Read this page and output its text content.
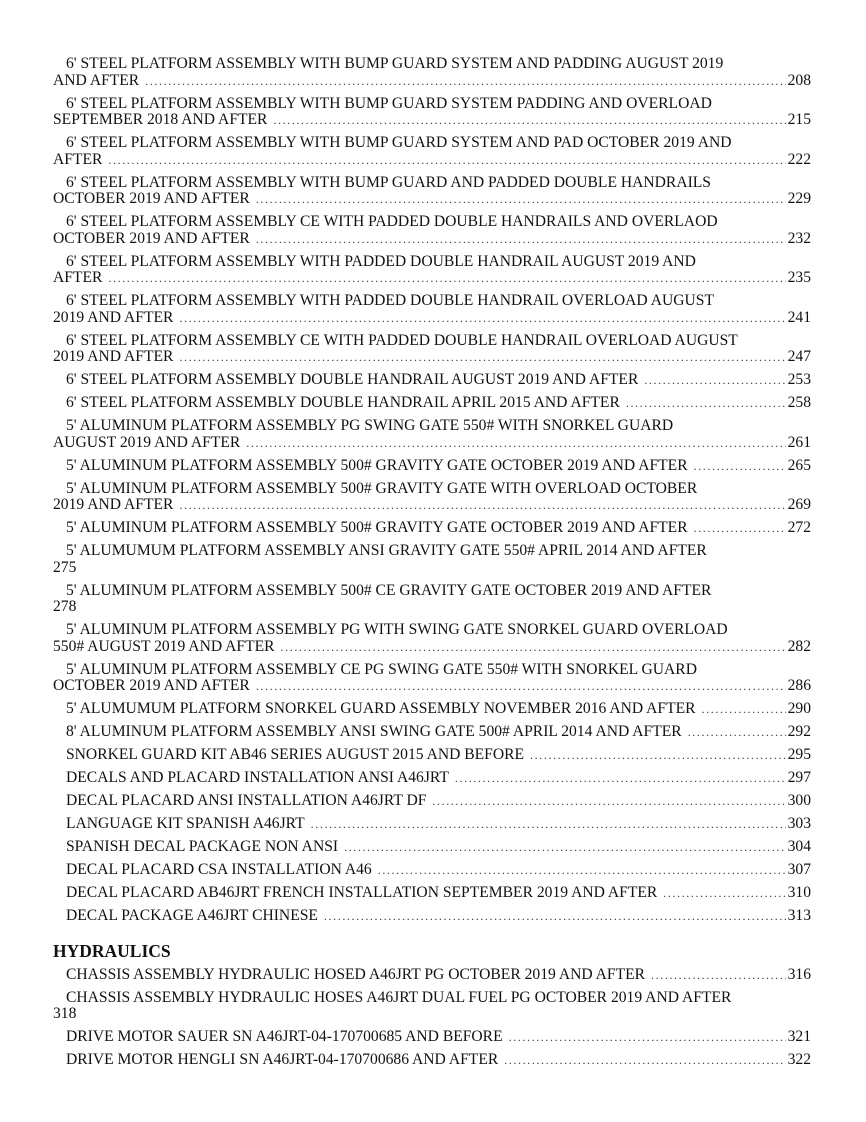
6' STEEL PLATFORM ASSEMBLY WITH BUMP GUARD SYSTEM AND PADDING AUGUST 2019
AND AFTER .....	208
6' STEEL PLATFORM ASSEMBLY WITH BUMP GUARD SYSTEM PADDING AND OVERLOAD
SEPTEMBER 2018 AND AFTER .....	215
6' STEEL PLATFORM ASSEMBLY WITH BUMP GUARD SYSTEM AND PAD OCTOBER 2019 AND
AFTER .....	222
6' STEEL PLATFORM ASSEMBLY WITH BUMP GUARD AND PADDED DOUBLE HANDRAILS
OCTOBER 2019 AND AFTER .....	229
6' STEEL PLATFORM ASSEMBLY CE WITH PADDED DOUBLE HANDRAILS AND OVERLAOD
OCTOBER 2019 AND AFTER .....	232
6' STEEL PLATFORM ASSEMBLY WITH PADDED DOUBLE HANDRAIL AUGUST 2019 AND
AFTER .....	235
6' STEEL PLATFORM ASSEMBLY WITH PADDED DOUBLE HANDRAIL OVERLOAD AUGUST
2019 AND AFTER .....	241
6' STEEL PLATFORM ASSEMBLY CE WITH PADDED DOUBLE HANDRAIL OVERLOAD AUGUST
2019 AND AFTER .....	247
6' STEEL PLATFORM ASSEMBLY DOUBLE HANDRAIL AUGUST 2019 AND AFTER .....	253
6' STEEL PLATFORM ASSEMBLY DOUBLE HANDRAIL APRIL 2015 AND AFTER .....	258
5' ALUMINUM PLATFORM ASSEMBLY PG SWING GATE 550# WITH SNORKEL GUARD
AUGUST 2019 AND AFTER .....	261
5' ALUMINUM PLATFORM ASSEMBLY 500# GRAVITY GATE OCTOBER 2019 AND AFTER .....	265
5' ALUMINUM PLATFORM ASSEMBLY 500# GRAVITY GATE WITH OVERLOAD OCTOBER
2019 AND AFTER .....	269
5' ALUMINUM PLATFORM ASSEMBLY 500# GRAVITY GATE OCTOBER 2019 AND AFTER .....	272
5' ALUMUMUM PLATFORM ASSEMBLY ANSI GRAVITY GATE 550# APRIL 2014 AND AFTER
275
5' ALUMINUM PLATFORM ASSEMBLY 500# CE GRAVITY GATE OCTOBER 2019 AND AFTER
278
5' ALUMINUM PLATFORM ASSEMBLY PG WITH SWING GATE SNORKEL GUARD OVERLOAD
550# AUGUST 2019 AND AFTER .....	282
5' ALUMINUM PLATFORM ASSEMBLY CE PG SWING GATE 550# WITH SNORKEL GUARD
OCTOBER 2019 AND AFTER .....	286
5' ALUMUMUM PLATFORM SNORKEL GUARD ASSEMBLY NOVEMBER 2016 AND AFTER .....	290
8' ALUMINUM PLATFORM ASSEMBLY ANSI SWING GATE 500# APRIL 2014 AND AFTER .....	292
SNORKEL GUARD KIT AB46 SERIES AUGUST 2015 AND BEFORE .....	295
DECALS AND PLACARD INSTALLATION ANSI A46JRT .....	297
DECAL PLACARD ANSI INSTALLATION A46JRT DF .....	300
LANGUAGE KIT SPANISH A46JRT .....	303
SPANISH DECAL PACKAGE NON ANSI .....	304
DECAL PLACARD CSA INSTALLATION A46 .....	307
DECAL PLACARD AB46JRT FRENCH INSTALLATION SEPTEMBER 2019 AND AFTER .....	310
DECAL PACKAGE A46JRT CHINESE .....	313
HYDRAULICS
CHASSIS ASSEMBLY HYDRAULIC HOSED A46JRT PG OCTOBER 2019 AND AFTER .....	316
CHASSIS ASSEMBLY HYDRAULIC HOSES A46JRT DUAL FUEL PG OCTOBER 2019 AND AFTER
318
DRIVE MOTOR SAUER SN A46JRT-04-170700685 AND BEFORE .....	321
DRIVE MOTOR HENGLI SN A46JRT-04-170700686 AND AFTER .....	322
